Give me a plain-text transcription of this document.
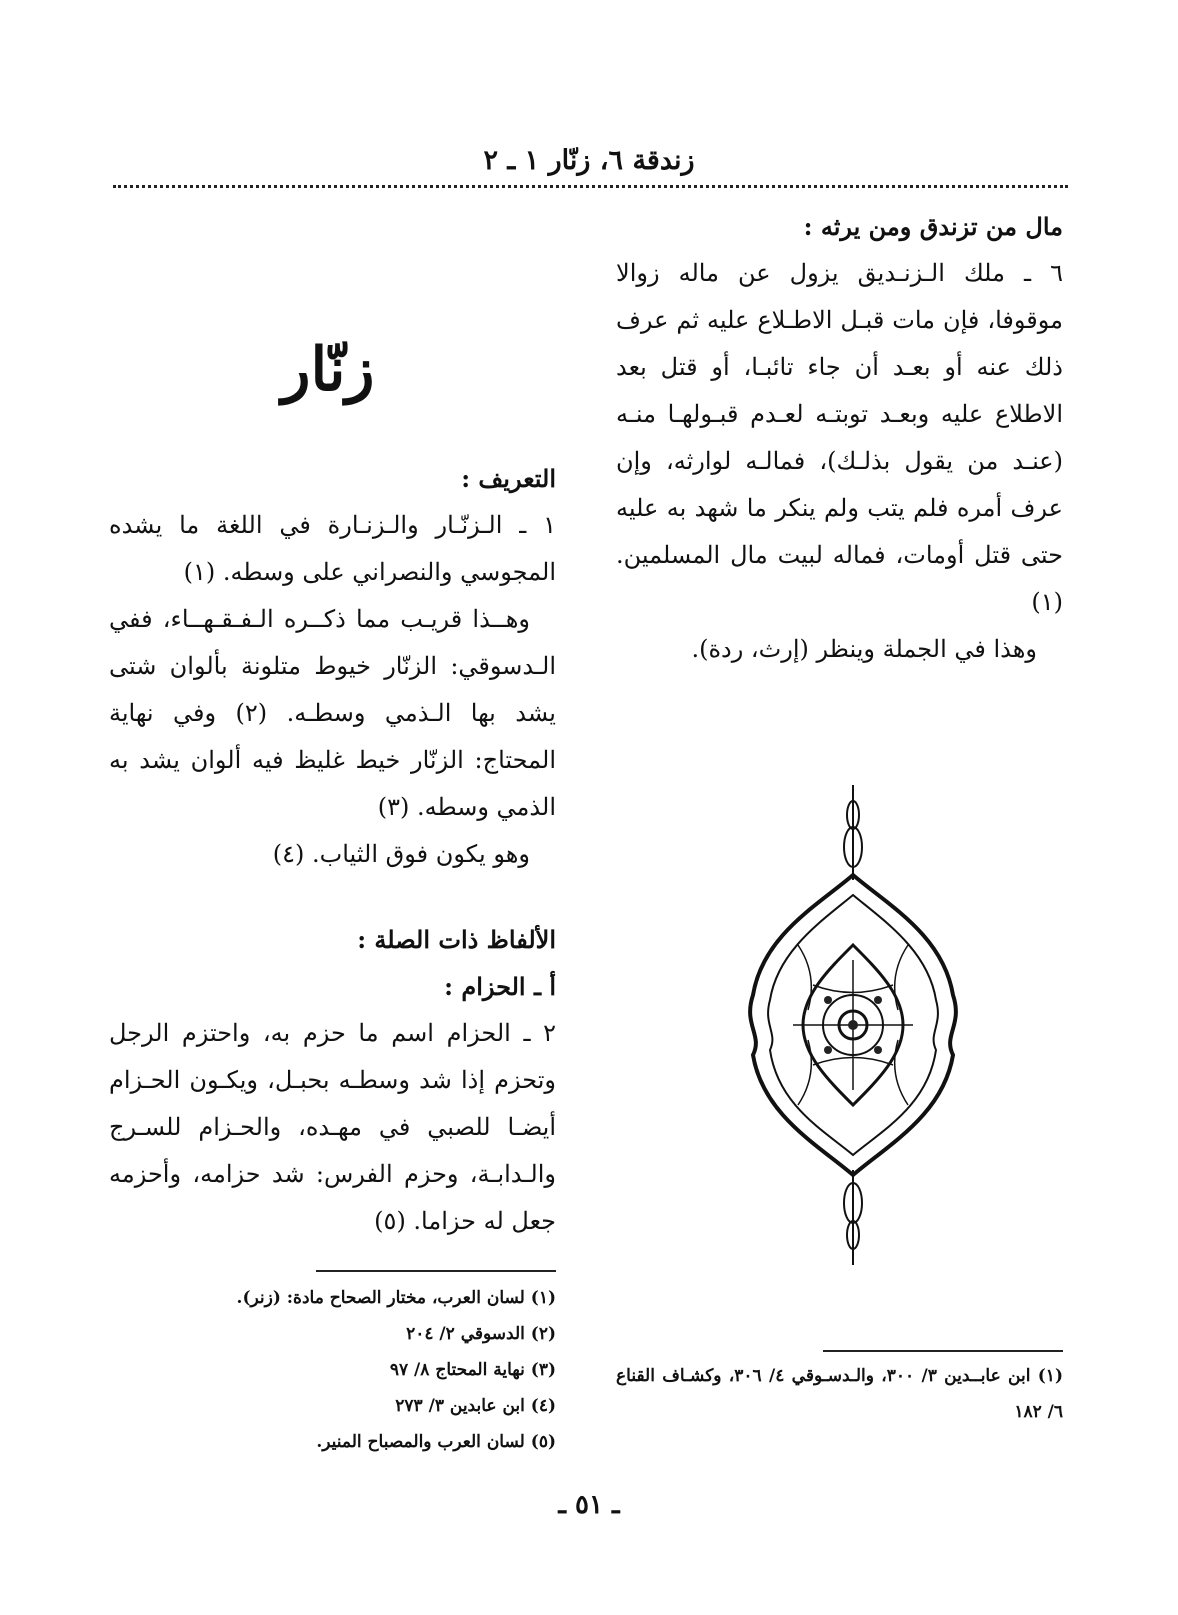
زندقة ٦، زنّار ١ ـ ٢

مال من تزندق ومن يرثه :

٦ ـ ملك الـزنـديق يزول عن ماله زوالا موقوفا، فإن مات قبـل الاطـلاع عليه ثم عرف ذلك عنه أو بعـد أن جاء تائبـا، أو قتل بعد الاطلاع عليه وبعـد توبتـه لعـدم قبـولهـا منـه (عنـد من يقول بذلـك)، فمالـه لوارثه، وإن عرف أمره فلم يتب ولم ينكر ما شهد به عليه حتى قتل أومات، فماله لبيت مال المسلمين. (١)

وهذا في الجملة وينظر (إرث، ردة).

زنّار

التعريف :

١ ـ الـزنّـار والـزنـارة في اللغة ما يشده المجوسي والنصراني على وسطه. (١)

وهــذا قريـب مما ذكــره الـفـقـهــاء، ففي الـدسوقي: الزنّار خيوط متلونة بألوان شتى يشد بها الـذمي وسطـه. (٢) وفي نهاية المحتاج: الزنّار خيط غليظ فيه ألوان يشد به الذمي وسطه. (٣)

وهو يكون فوق الثياب. (٤)

الألفاظ ذات الصلة :

أ ـ الحزام :

٢ ـ الحزام اسم ما حزم به، واحتزم الرجل وتحزم إذا شد وسطـه بحبـل، ويكـون الحـزام أيضـا للصبي في مهـده، والحـزام للسـرج والـدابـة، وحزم الفرس: شد حزامه، وأحزمه جعل له حزاما. (٥)

(١) لسان العرب، مختار الصحاح مادة: (زنر).
(٢) الدسوقي ٢/ ٢٠٤
(٣) نهاية المحتاج ٨/ ٩٧
(٤) ابن عابدين ٣/ ٢٧٣
(٥) لسان العرب والمصباح المنير.
(١) ابن عابــدين ٣/ ٣٠٠، والـدسـوقي ٤/ ٣٠٦، وكشـاف القناع ٦/ ١٨٢
ـ ٥١ ـ
